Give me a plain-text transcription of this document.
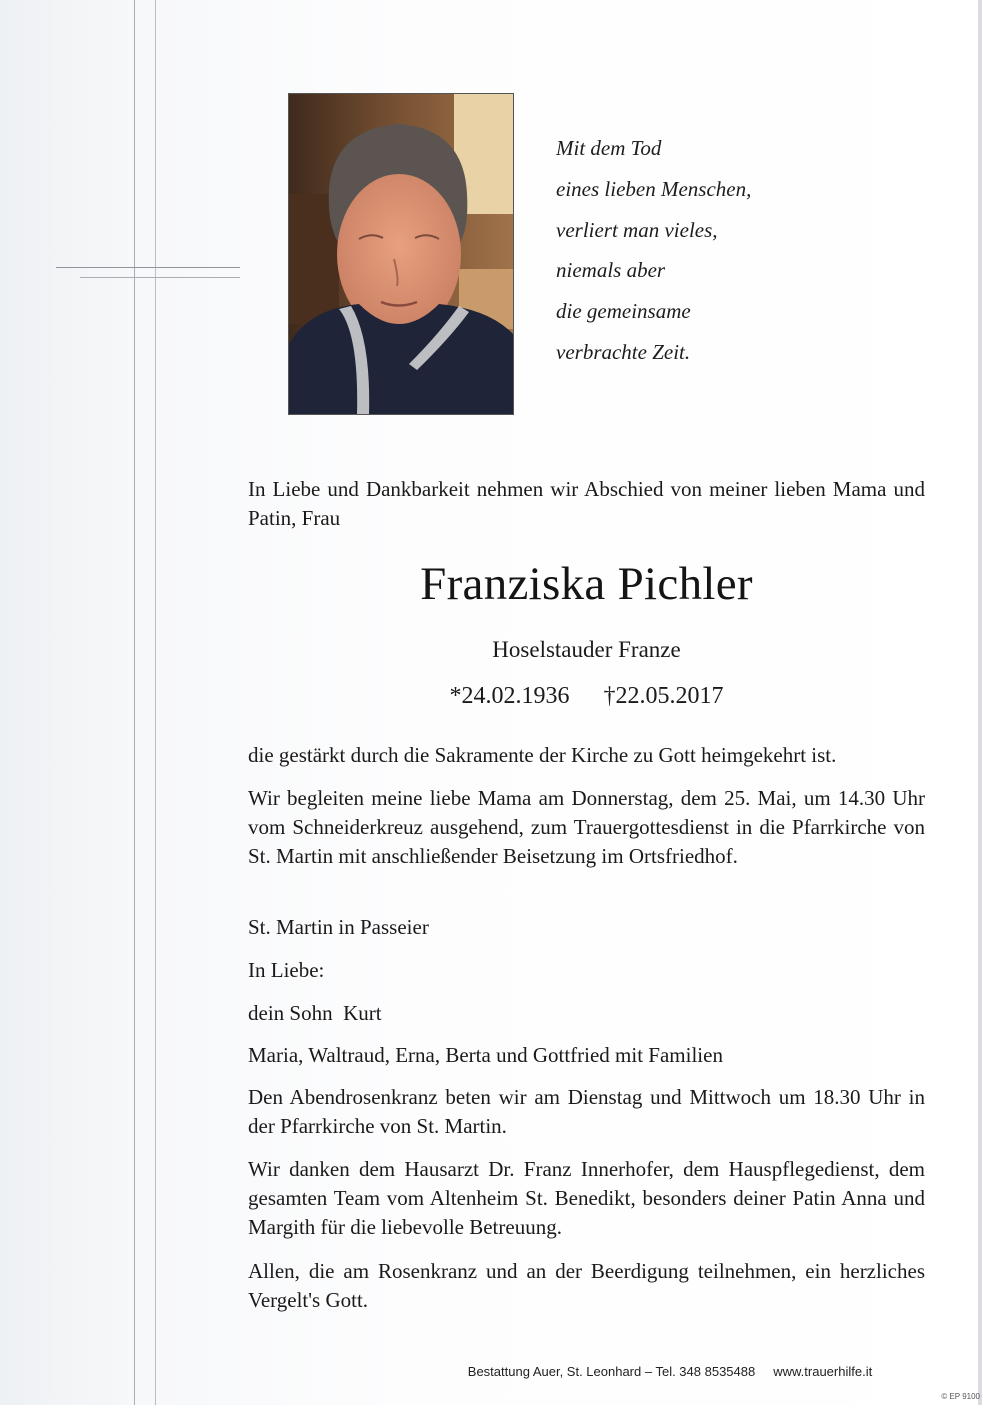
Mit dem Tod
eines lieben Menschen,
verliert man vieles,
niemals aber
die gemeinsame
verbrachte Zeit.
In Liebe und Dankbarkeit nehmen wir Abschied von meiner lieben Mama und Patin, Frau
Franziska Pichler
Hoselstauder Franze
*24.02.1936 †22.05.2017
die gestärkt durch die Sakramente der Kirche zu Gott heimgekehrt ist.
Wir begleiten meine liebe Mama am Donnerstag, dem 25. Mai, um 14.30 Uhr vom Schneiderkreuz ausgehend, zum Trauergottesdienst in die Pfarrkirche von St. Martin mit anschließender Beisetzung im Ortsfriedhof.
St. Martin in Passeier
In Liebe:
dein Sohn  Kurt
Maria, Waltraud, Erna, Berta und Gottfried mit Familien
Den Abendrosenkranz beten wir am Dienstag und Mittwoch um 18.30 Uhr in der Pfarrkirche von St. Martin.
Wir danken dem Hausarzt Dr. Franz Innerhofer, dem Hauspflegedienst, dem gesamten Team vom Altenheim St. Benedikt, besonders deiner Patin Anna und Margith für die liebevolle Betreuung.
Allen, die am Rosenkranz und an der Beerdigung teilnehmen, ein herzliches Vergelt's Gott.
Bestattung Auer, St. Leonhard – Tel. 348 8535488 www.trauerhilfe.it
© EP 9100
